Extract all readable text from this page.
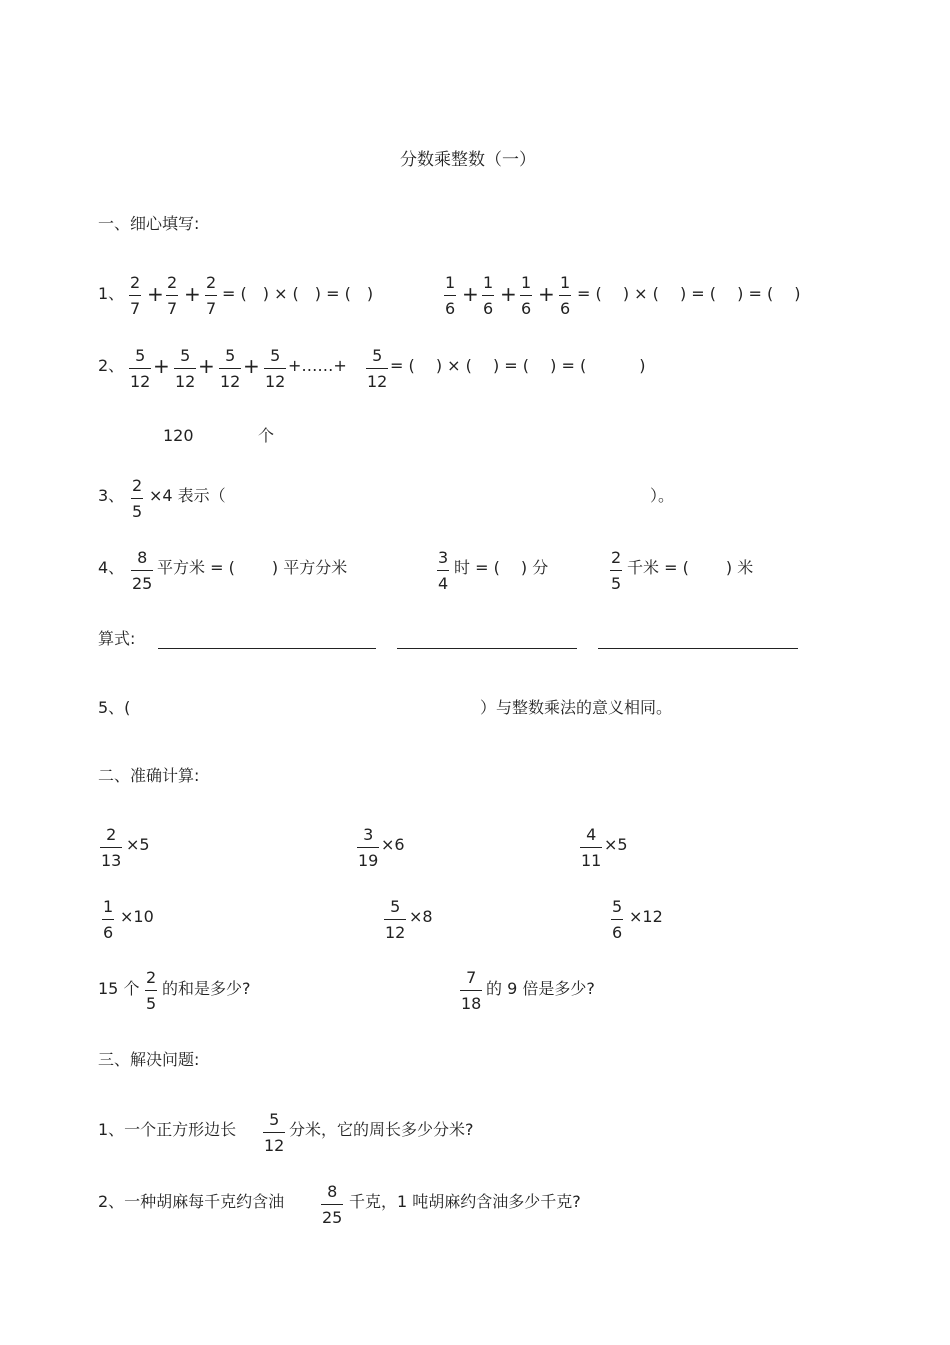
分数乘整数（一）
一、细心填写:
1、
2
7
+ 2
7
+ 2
7
= (　) × (　) = (　)
1
6
+ 1
6
+ 1
6
+ 1
6
= (　 ) × (　 ) = (　 ) = (　 )
2、
5
12
+ 5
12
+ 5
12
+ 5
12
+……+
5
12
= (　 ) × (　 ) = (　 ) = (　　　 )
120	个
3、
2
5
×4 表示（	）。
4、
8
25
平方米 = (　　 ) 平方分米
3
4
时 = (　 ) 分
2
5
千米 = (　　 ) 米
算式:
5、(	）与整数乘法的意义相同。
二、准确计算:
2
13
×5
3
19
×6
4
11
×5
1
6
×10
5
12
×8
5
6
×12
15 个
2
5
的和是多少?
7
18
的 9 倍是多少?
三、解决问题:
1、一个正方形边长
5
12
分米，它的周长多少分米?
2、一种胡麻每千克约含油
8
25
千克，1 吨胡麻约含油多少千克?
